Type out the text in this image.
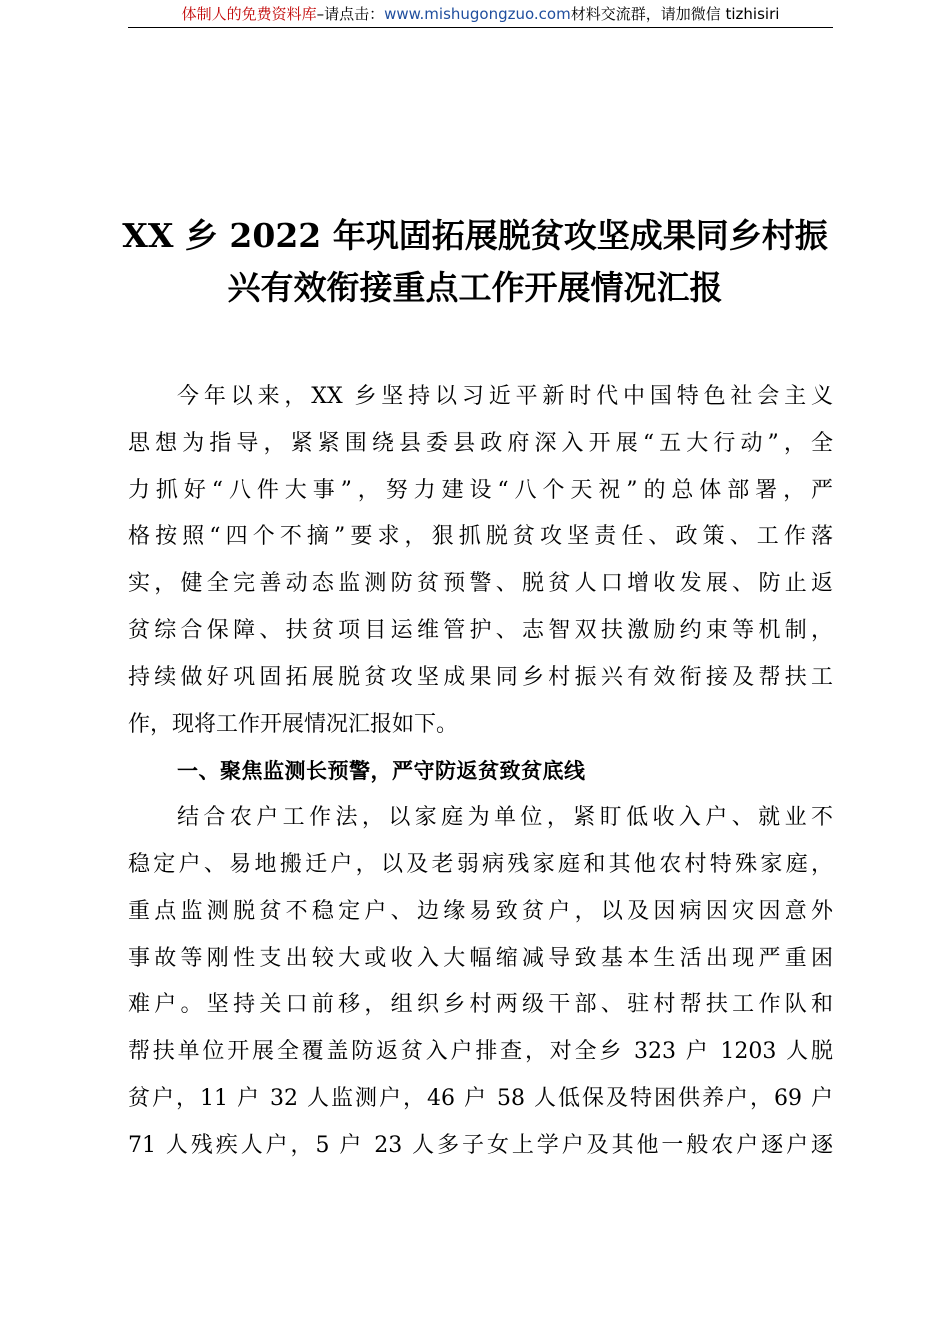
体制人的免费资料库–请点击：www.mishugongzuo.com材料交流群，请加微信 tizhisiri
XX 乡 2022 年巩固拓展脱贫攻坚成果同乡村振
兴有效衔接重点工作开展情况汇报
今年以来，XX 乡坚持以习近平新时代中国特色社会主义
思想为指导，紧紧围绕县委县政府深入开展“五大行动”，全
力抓好“八件大事”，努力建设“八个天祝”的总体部署，严
格按照“四个不摘”要求，狠抓脱贫攻坚责任、政策、工作落
实，健全完善动态监测防贫预警、脱贫人口增收发展、防止返
贫综合保障、扶贫项目运维管护、志智双扶激励约束等机制，
持续做好巩固拓展脱贫攻坚成果同乡村振兴有效衔接及帮扶工
作，现将工作开展情况汇报如下。
一、聚焦监测长预警，严守防返贫致贫底线
结合农户工作法，以家庭为单位，紧盯低收入户、就业不
稳定户、易地搬迁户，以及老弱病残家庭和其他农村特殊家庭，
重点监测脱贫不稳定户、边缘易致贫户，以及因病因灾因意外
事故等刚性支出较大或收入大幅缩减导致基本生活出现严重困
难户。坚持关口前移，组织乡村两级干部、驻村帮扶工作队和
帮扶单位开展全覆盖防返贫入户排查，对全乡 323 户 1203 人脱
贫户，11 户 32 人监测户，46 户 58 人低保及特困供养户，69 户
71 人残疾人户，5 户 23 人多子女上学户及其他一般农户逐户逐
